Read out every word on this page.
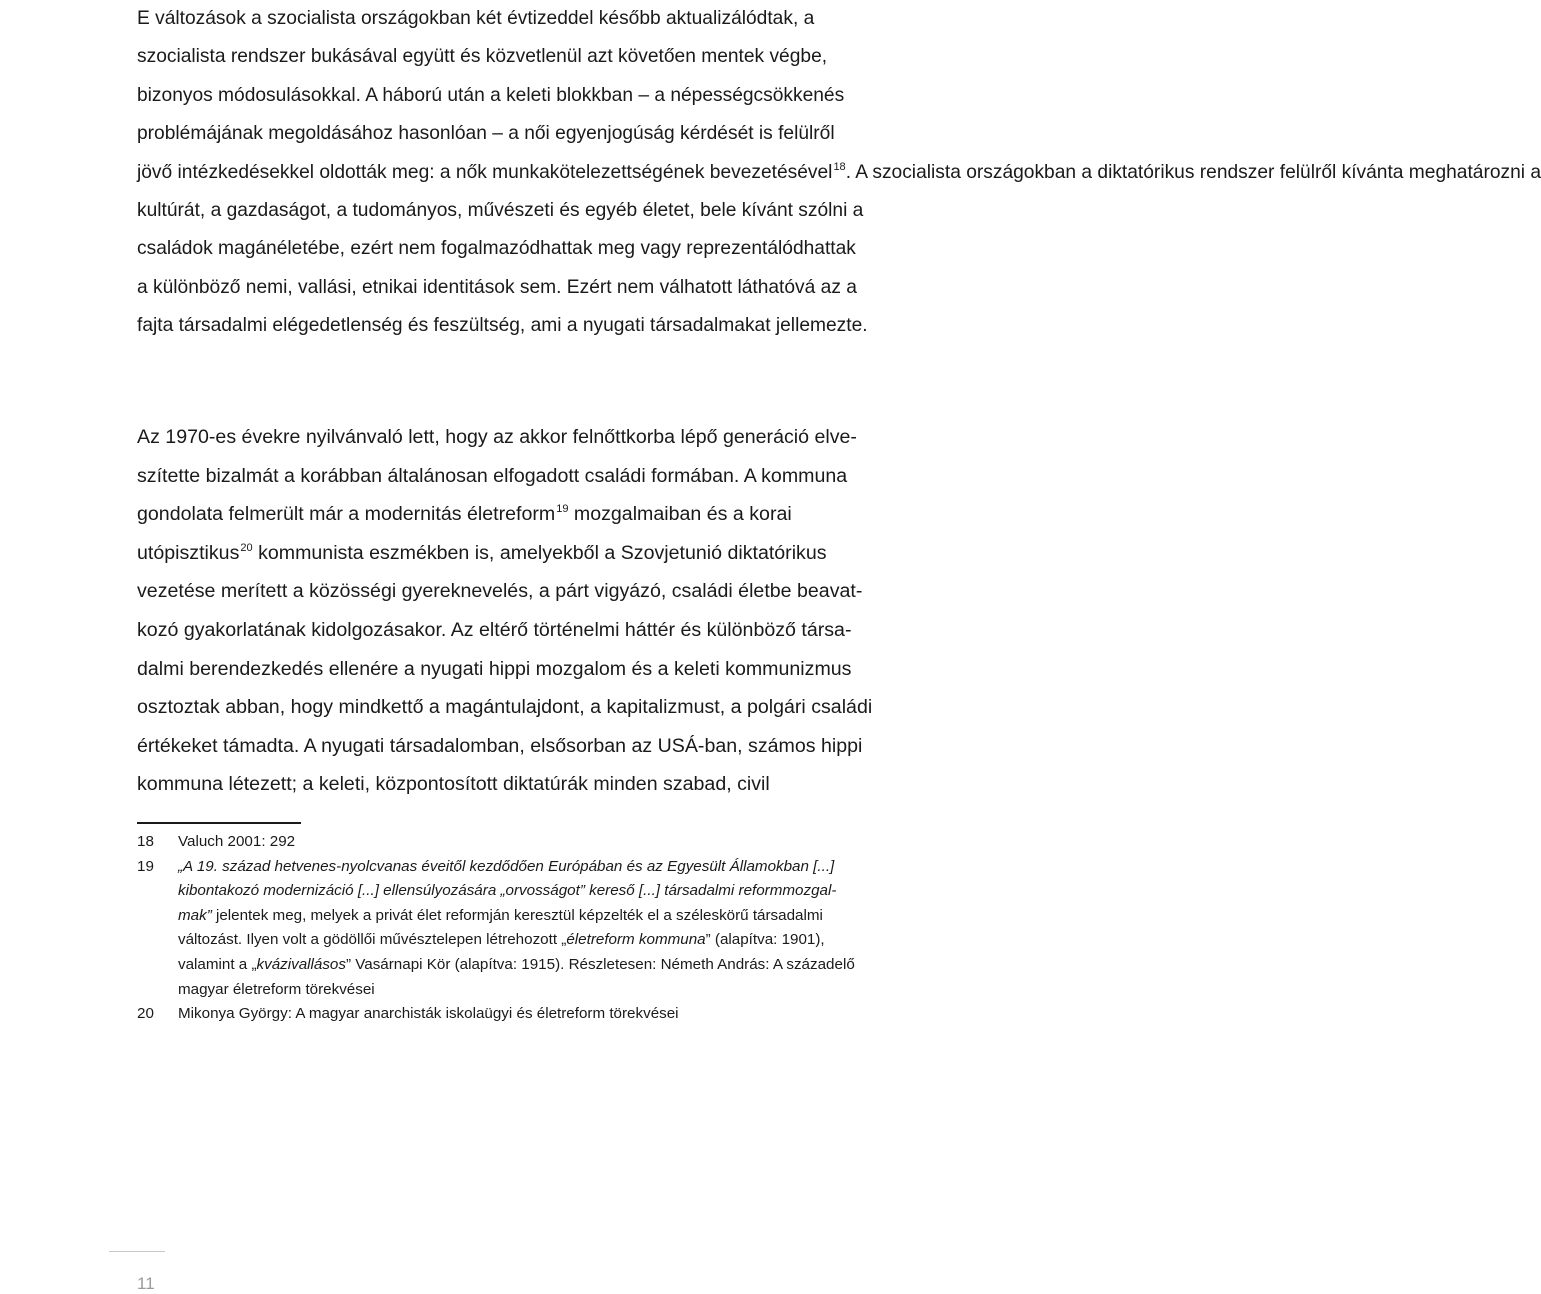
E változások a szocialista országokban két évtizeddel később aktualizálódtak, a
szocialista rendszer bukásával együtt és közvetlenül azt követően mentek végbe,
bizonyos módosulásokkal. A háború után a keleti blokkban – a népességcsökkenés
problémájának megoldásához hasonlóan – a női egyenjogúság kérdését is felülről
jövő intézkedésekkel oldották meg: a nők munkakötelezettségének bevezetésével$^{18}$. A szocialista országokban a diktatórikus rendszer felülről kívánta meghatározni a
kultúrát, a gazdaságot, a tudományos, művészeti és egyéb életet, bele kívánt szólni a
családok magánéletébe, ezért nem fogalmazódhattak meg vagy reprezentálódhattak
a különböző nemi, vallási, etnikai identitások sem. Ezért nem válhatott láthatóvá az a
fajta társadalmi elégedetlenség és feszültség, ami a nyugati társadalmakat jellemezte.
Az 1970-es évekre nyilvánvaló lett, hogy az akkor felnőttkorba lépő generáció elve-
szítette bizalmát a korábban általánosan elfogadott családi formában. A kommuna
gondolata felmerült már a modernitás életreform$^{19}$ mozgalmaiban és a korai
utópisztikus$^{20}$ kommunista eszmékben is, amelyekből a Szovjetunió diktatórikus
vezetése merített a közösségi gyereknevelés, a párt vigyázó, családi életbe beavat-
kozó gyakorlatának kidolgozásakor. Az eltérő történelmi háttér és különböző társa-
dalmi berendezkedés ellenére a nyugati hippi mozgalom és a keleti kommunizmus
osztoztak abban, hogy mindkettő a magántulajdont, a kapitalizmust, a polgári családi
értékeket támadta. A nyugati társadalomban, elsősorban az USÁ-ban, számos hippi
kommuna létezett; a keleti, központosított diktatúrák minden szabad, civil
18 Valuch 2001: 292
19 „A 19. század hetvenes-nyolcvanas éveitől kezdődően Európában és az Egyesült Államokban [...]
kibontakozó modernizáció [...] ellensúlyozására „orvosságot” kereső [...] társadalmi reformmozgal-
mak” jelentek meg, melyek a privát élet reformján keresztül képzelték el a széleskörű társadalmi
változást. Ilyen volt a gödöllői művésztelepen létrehozott „életreform kommuna” (alapítva: 1901),
valamint a „kvázivallásos” Vasárnapi Kör (alapítva: 1915). Részletesen: Németh András: A századelő
magyar életreform törekvései
20 Mikonya György: A magyar anarchisták iskolaügyi és életreform törekvései
11
